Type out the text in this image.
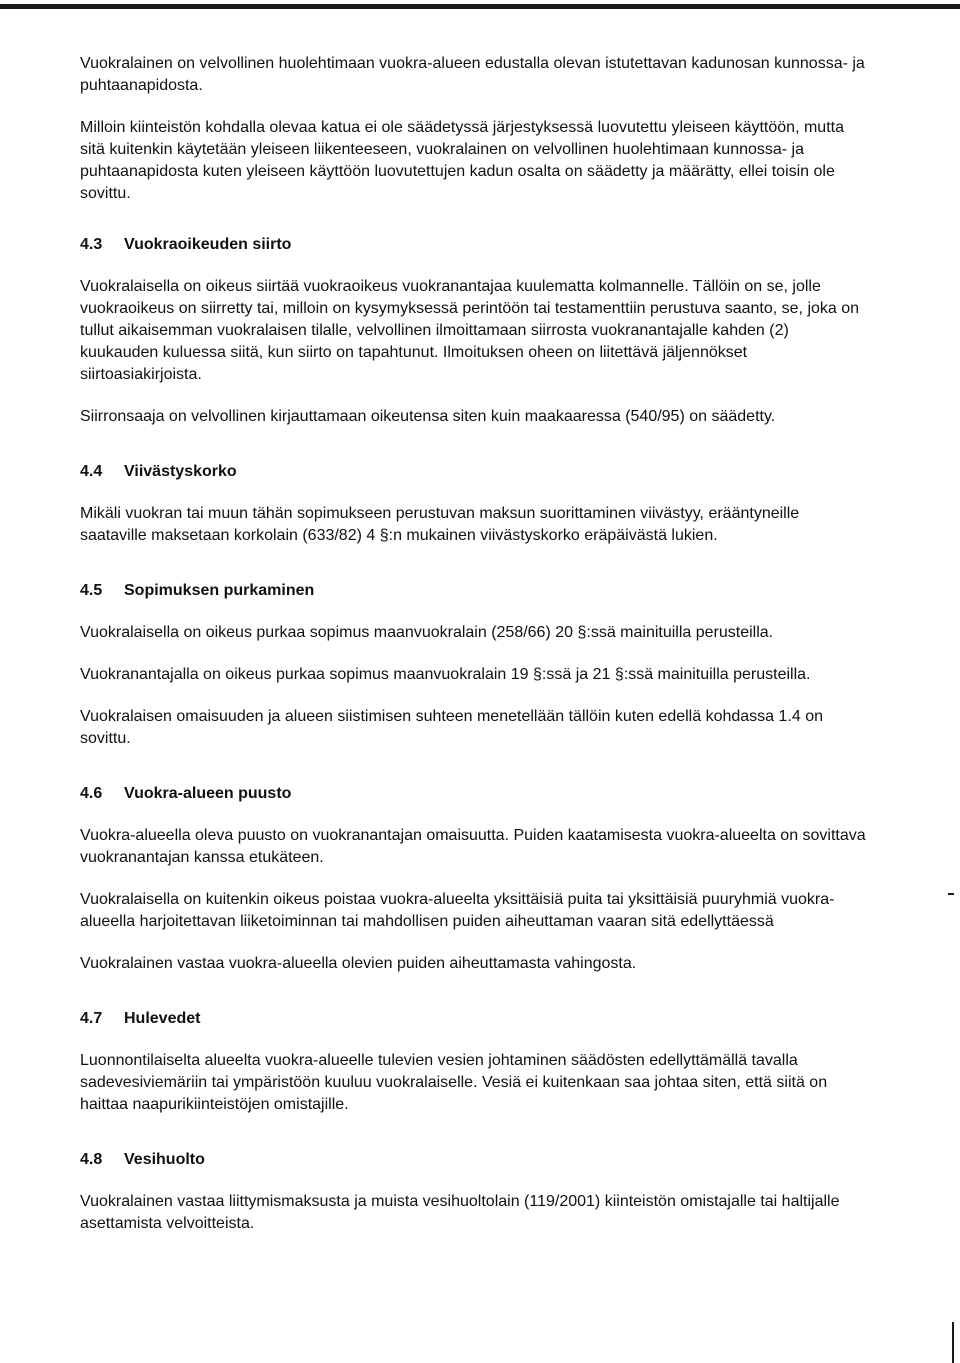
Vuokralainen on velvollinen huolehtimaan vuokra-alueen edustalla olevan istutettavan kadunosan kunnossa- ja puhtaanapidosta.

Milloin kiinteistön kohdalla olevaa katua ei ole säädetyssä järjestyksessä luovutettu yleiseen käyttöön, mutta sitä kuitenkin käytetään yleiseen liikenteeseen, vuokralainen on velvollinen huolehtimaan kunnossa- ja puhtaanapidosta kuten yleiseen käyttöön luovutettujen kadun osalta on säädetty ja määrätty, ellei toisin ole sovittu.

4.3	Vuokraoikeuden siirto

Vuokralaisella on oikeus siirtää vuokraoikeus vuokranantajaa kuulematta kolmannelle. Tällöin on se, jolle vuokraoikeus on siirretty tai, milloin on kysymyksessä perintöön tai testamenttiin perustuva saanto, se, joka on tullut aikaisemman vuokralaisen tilalle, velvollinen ilmoittamaan siirrosta vuokranantajalle kahden (2) kuukauden kuluessa siitä, kun siirto on tapahtunut. Ilmoituksen oheen on liitettävä jäljennökset siirtoasiakirjoista.

Siirronsaaja on velvollinen kirjauttamaan oikeutensa siten kuin maakaaressa (540/95) on säädetty.

4.4	Viivästyskorko

Mikäli vuokran tai muun tähän sopimukseen perustuvan maksun suorittaminen viivästyy, erääntyneille saataville maksetaan korkolain (633/82) 4 §:n mukainen viivästyskorko eräpäivästä lukien.

4.5	Sopimuksen purkaminen

Vuokralaisella on oikeus purkaa sopimus maanvuokralain (258/66) 20 §:ssä mainituilla perusteilla.

Vuokranantajalla on oikeus purkaa sopimus maanvuokralain 19 §:ssä ja 21 §:ssä mainituilla perusteilla.

Vuokralaisen omaisuuden ja alueen siistimisen suhteen menetellään tällöin kuten edellä kohdassa 1.4 on sovittu.

4.6	Vuokra-alueen puusto

Vuokra-alueella oleva puusto on vuokranantajan omaisuutta. Puiden kaatamisesta vuokra-alueelta on sovittava vuokranantajan kanssa etukäteen.

Vuokralaisella on kuitenkin oikeus poistaa vuokra-alueelta yksittäisiä puita tai yksittäisiä puuryhmiä vuokra-alueella harjoitettavan liiketoiminnan tai mahdollisen puiden aiheuttaman vaaran sitä edellyttäessä

Vuokralainen vastaa vuokra-alueella olevien puiden aiheuttamasta vahingosta.

4.7	Hulevedet

Luonnontilaiselta alueelta vuokra-alueelle tulevien vesien johtaminen säädösten edellyttämällä tavalla sadevesiviemäriin tai ympäristöön kuuluu vuokralaiselle. Vesiä ei kuitenkaan saa johtaa siten, että siitä on haittaa naapurikiinteistöjen omistajille.

4.8	Vesihuolto

Vuokralainen vastaa liittymismaksusta ja muista vesihuoltolain (119/2001) kiinteistön omistajalle tai haltijalle asettamista velvoitteista.
